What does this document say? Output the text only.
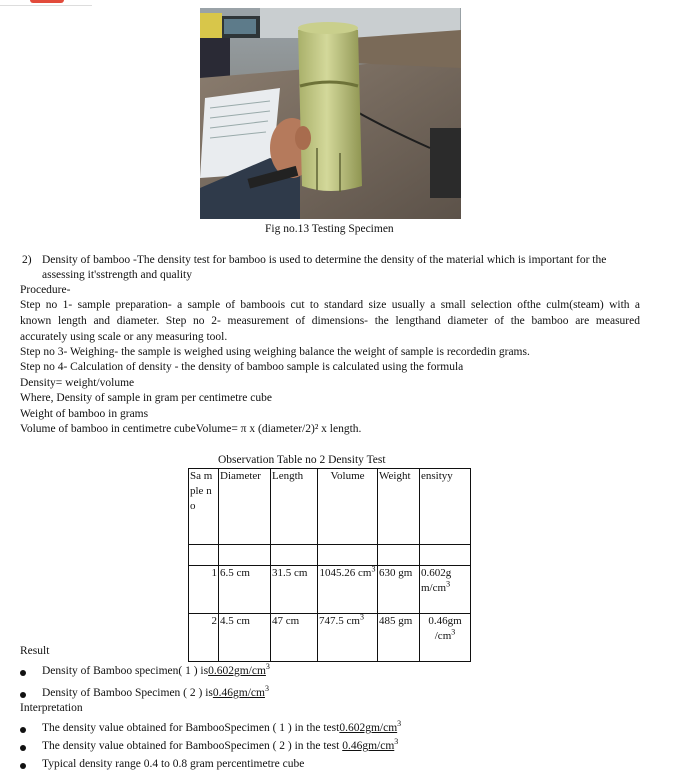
Fig no.13 Testing Specimen
2) Density of bamboo -The density test for bamboo is used to determine the density of the material which is important for the
assessing it'sstrength and quality
Procedure-
Step no 1- sample preparation- a sample of bamboois cut to standard size usually a small selection ofthe culm(steam) with a
known length and diameter. Step no 2- measurement of dimensions- the lengthand diameter of the bamboo are measured
accurately using scale or any measuring tool.
Step no 3- Weighing- the sample is weighed using weighing balance the weight of sample is recordedin grams.
Step no 4- Calculation of density - the density of bamboo sample is calculated using the formula
Density= weight/volume
Where, Density of sample in gram per centimetre cube
Weight of bamboo in grams
Volume of bamboo in centimetre cubeVolume= π x (diameter/2)² x length.
Observation Table no 2 Density Test
Sa mple no	Diameter	Length	Volume	Weight	ensityy

1	6.5 cm	31.5 cm	1045.26 $cm^3$	630 gm	0.602g $m/cm^3$
2	4.5 cm	47 cm	747.5 $cm^3$	485 gm	0.46gm $/cm^3$
Result
Density of Bamboo specimen( 1 ) $is0.602gm/cm^3$
Density of Bamboo Specimen ( 2 ) $is0.46gm/cm^3$
Interpretation
The density value obtained for BambooSpecimen ( 1 ) in the $test0.602gm/cm^3$
The density value obtained for BambooSpecimen ( 2 ) in the test $0.46gm/cm^3$
Typical density range 0.4 to 0.8 gram percentimetre cube
